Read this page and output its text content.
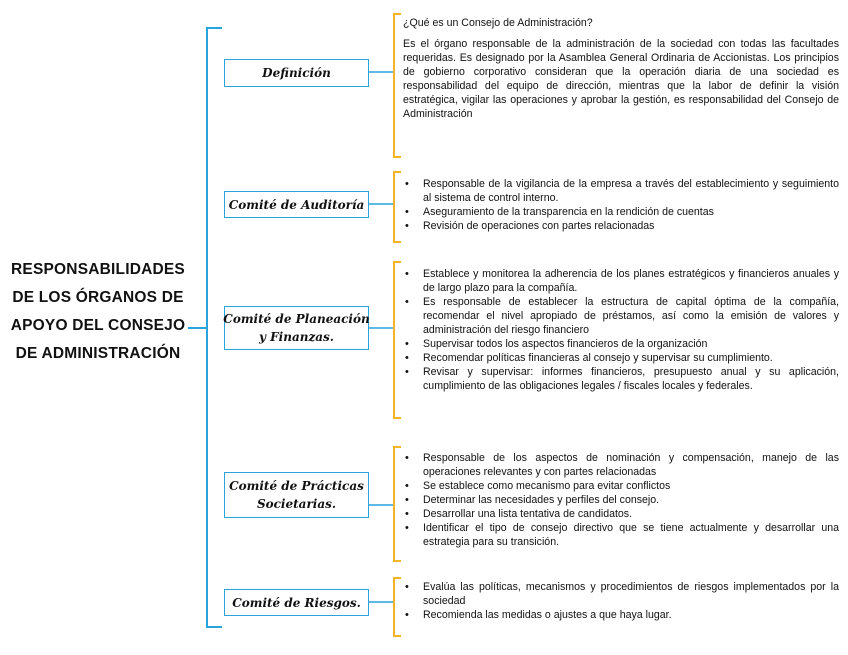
RESPONSABILIDADES
DE LOS ÓRGANOS DE
APOYO DEL CONSEJO
DE ADMINISTRACIÓN
Definición
Comité de Auditoría
Comité de Planeación
y Finanzas.
Comité de Prácticas
Societarias.
Comité de Riesgos.

¿Qué es un Consejo de Administración?

Es el órgano responsable de la administración de la sociedad con todas las facultades requeridas. Es designado por la Asamblea General Ordinaria de Accionistas. Los principios de gobierno corporativo consideran que la operación diaria de una sociedad es responsabilidad del equipo de dirección, mientras que la labor de definir la visión estratégica, vigilar las operaciones y aprobar la gestión, es responsabilidad del Consejo de Administración

• Responsable de la vigilancia de la empresa a través del establecimiento y seguimiento al sistema de control interno.
• Aseguramiento de la transparencia en la rendición de cuentas
• Revisión de operaciones con partes relacionadas
• Establece y monitorea la adherencia de los planes estratégicos y financieros anuales y de largo plazo para la compañía.
• Es responsable de establecer la estructura de capital óptima de la compañía, recomendar el nivel apropiado de préstamos, así como la emisión de valores y administración del riesgo financiero
• Supervisar todos los aspectos financieros de la organización
• Recomendar políticas financieras al consejo y supervisar su cumplimiento.
• Revisar y supervisar: informes financieros, presupuesto anual y su aplicación, cumplimiento de las obligaciones legales / fiscales locales y federales.
• Responsable de los aspectos de nominación y compensación, manejo de las operaciones relevantes y con partes relacionadas
• Se establece como mecanismo para evitar conflictos
• Determinar las necesidades y perfiles del consejo.
• Desarrollar una lista tentativa de candidatos.
• Identificar el tipo de consejo directivo que se tiene actualmente y desarrollar una estrategia para su transición.
• Evalúa las políticas, mecanismos y procedimientos de riesgos implementados por la sociedad
• Recomienda las medidas o ajustes a que haya lugar.
